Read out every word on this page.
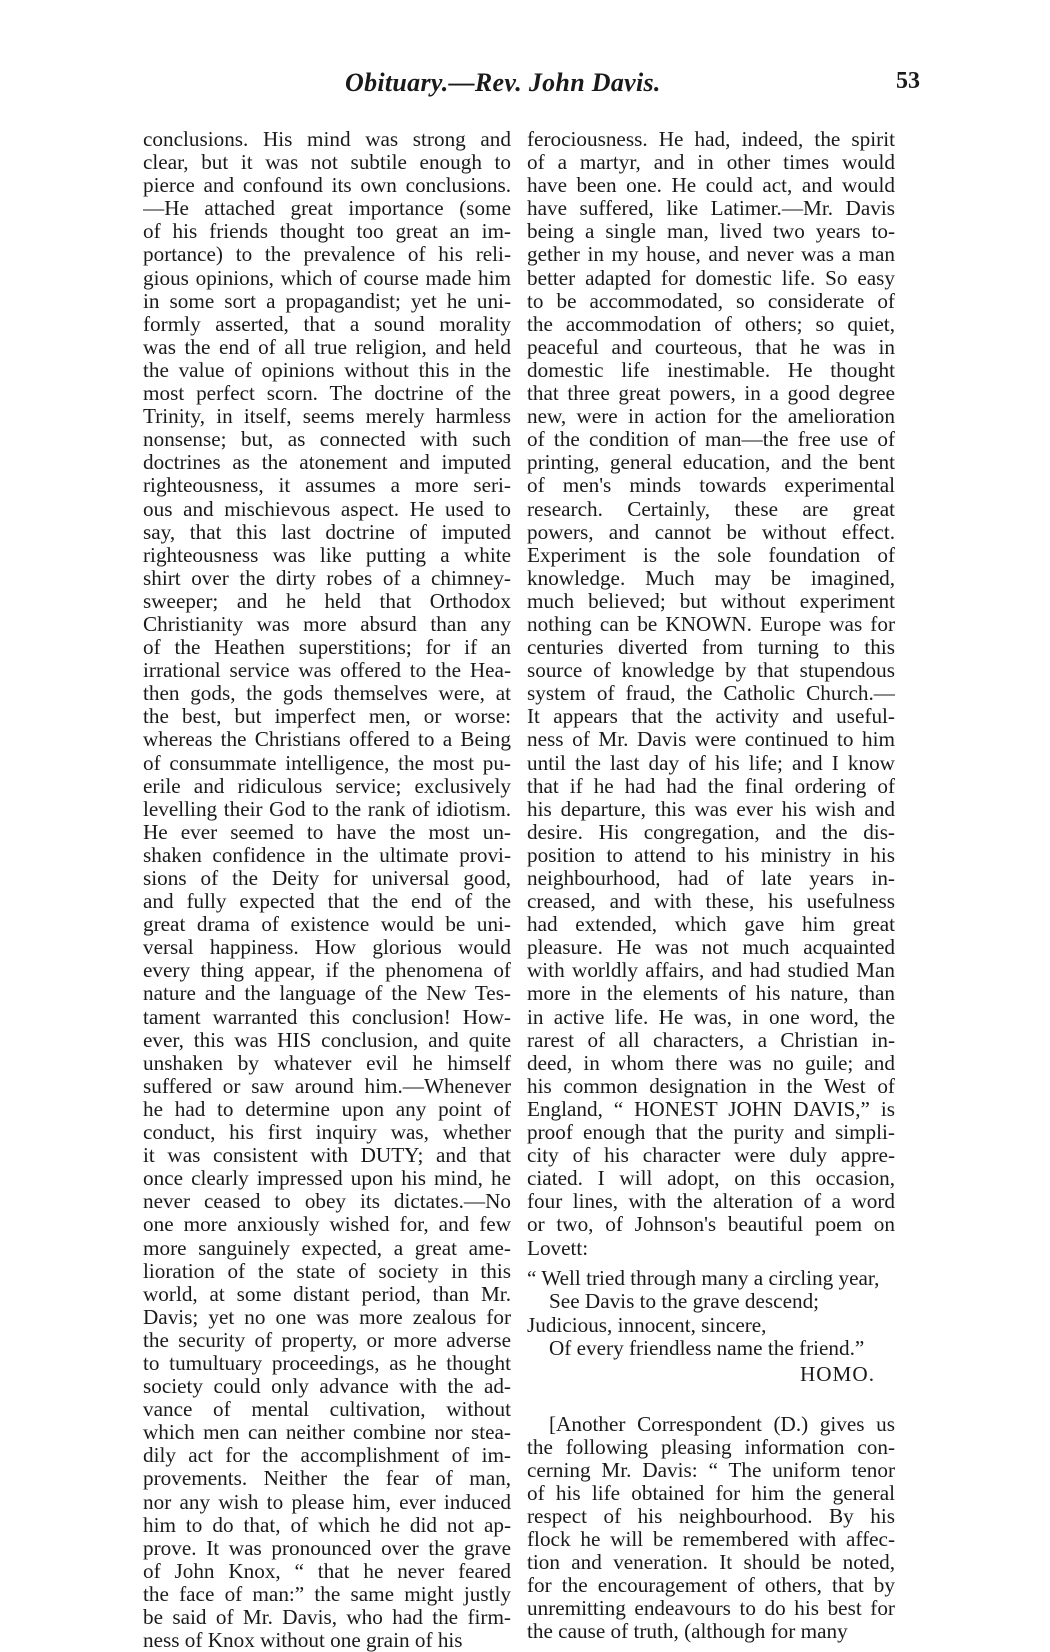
Obituary.—Rev. John Davis.	53
conclusions. His mind was strong and
clear, but it was not subtile enough to
pierce and confound its own conclusions.
—He attached great importance (some
of his friends thought too great an im-
portance) to the prevalence of his reli-
gious opinions, which of course made him
in some sort a propagandist; yet he uni-
formly asserted, that a sound morality
was the end of all true religion, and held
the value of opinions without this in the
most perfect scorn. The doctrine of the
Trinity, in itself, seems merely harmless
nonsense; but, as connected with such
doctrines as the atonement and imputed
righteousness, it assumes a more seri-
ous and mischievous aspect. He used to
say, that this last doctrine of imputed
righteousness was like putting a white
shirt over the dirty robes of a chimney-
sweeper; and he held that Orthodox
Christianity was more absurd than any
of the Heathen superstitions; for if an
irrational service was offered to the Hea-
then gods, the gods themselves were, at
the best, but imperfect men, or worse:
whereas the Christians offered to a Being
of consummate intelligence, the most pu-
erile and ridiculous service; exclusively
levelling their God to the rank of idiotism.
He ever seemed to have the most un-
shaken confidence in the ultimate provi-
sions of the Deity for universal good,
and fully expected that the end of the
great drama of existence would be uni-
versal happiness. How glorious would
every thing appear, if the phenomena of
nature and the language of the New Tes-
tament warranted this conclusion! How-
ever, this was HIS conclusion, and quite
unshaken by whatever evil he himself
suffered or saw around him.—Whenever
he had to determine upon any point of
conduct, his first inquiry was, whether
it was consistent with DUTY; and that
once clearly impressed upon his mind, he
never ceased to obey its dictates.—No
one more anxiously wished for, and few
more sanguinely expected, a great ame-
lioration of the state of society in this
world, at some distant period, than Mr.
Davis; yet no one was more zealous for
the security of property, or more adverse
to tumultuary proceedings, as he thought
society could only advance with the ad-
vance of mental cultivation, without
which men can neither combine nor stea-
dily act for the accomplishment of im-
provements. Neither the fear of man,
nor any wish to please him, ever induced
him to do that, of which he did not ap-
prove. It was pronounced over the grave
of John Knox, “ that he never feared
the face of man:” the same might justly
be said of Mr. Davis, who had the firm-
ness of Knox without one grain of his
ferociousness. He had, indeed, the spirit
of a martyr, and in other times would
have been one. He could act, and would
have suffered, like Latimer.—Mr. Davis
being a single man, lived two years to-
gether in my house, and never was a man
better adapted for domestic life. So easy
to be accommodated, so considerate of
the accommodation of others; so quiet,
peaceful and courteous, that he was in
domestic life inestimable. He thought
that three great powers, in a good degree
new, were in action for the amelioration
of the condition of man—the free use of
printing, general education, and the bent
of men's minds towards experimental
research. Certainly, these are great
powers, and cannot be without effect.
Experiment is the sole foundation of
knowledge. Much may be imagined,
much believed; but without experiment
nothing can be KNOWN. Europe was for
centuries diverted from turning to this
source of knowledge by that stupendous
system of fraud, the Catholic Church.—
It appears that the activity and useful-
ness of Mr. Davis were continued to him
until the last day of his life; and I know
that if he had had the final ordering of
his departure, this was ever his wish and
desire. His congregation, and the dis-
position to attend to his ministry in his
neighbourhood, had of late years in-
creased, and with these, his usefulness
had extended, which gave him great
pleasure. He was not much acquainted
with worldly affairs, and had studied Man
more in the elements of his nature, than
in active life. He was, in one word, the
rarest of all characters, a Christian in-
deed, in whom there was no guile; and
his common designation in the West of
England, “ HONEST JOHN DAVIS,” is
proof enough that the purity and simpli-
city of his character were duly appre-
ciated. I will adopt, on this occasion,
four lines, with the alteration of a word
or two, of Johnson's beautiful poem on
Lovett:
“ Well tried through many a circling year,
See Davis to the grave descend;
Judicious, innocent, sincere,
Of every friendless name the friend.”
HOMO.
[Another Correspondent (D.) gives us
the following pleasing information con-
cerning Mr. Davis: “ The uniform tenor
of his life obtained for him the general
respect of his neighbourhood. By his
flock he will be remembered with affec-
tion and veneration. It should be noted,
for the encouragement of others, that by
unremitting endeavours to do his best for
the cause of truth, (although for many
